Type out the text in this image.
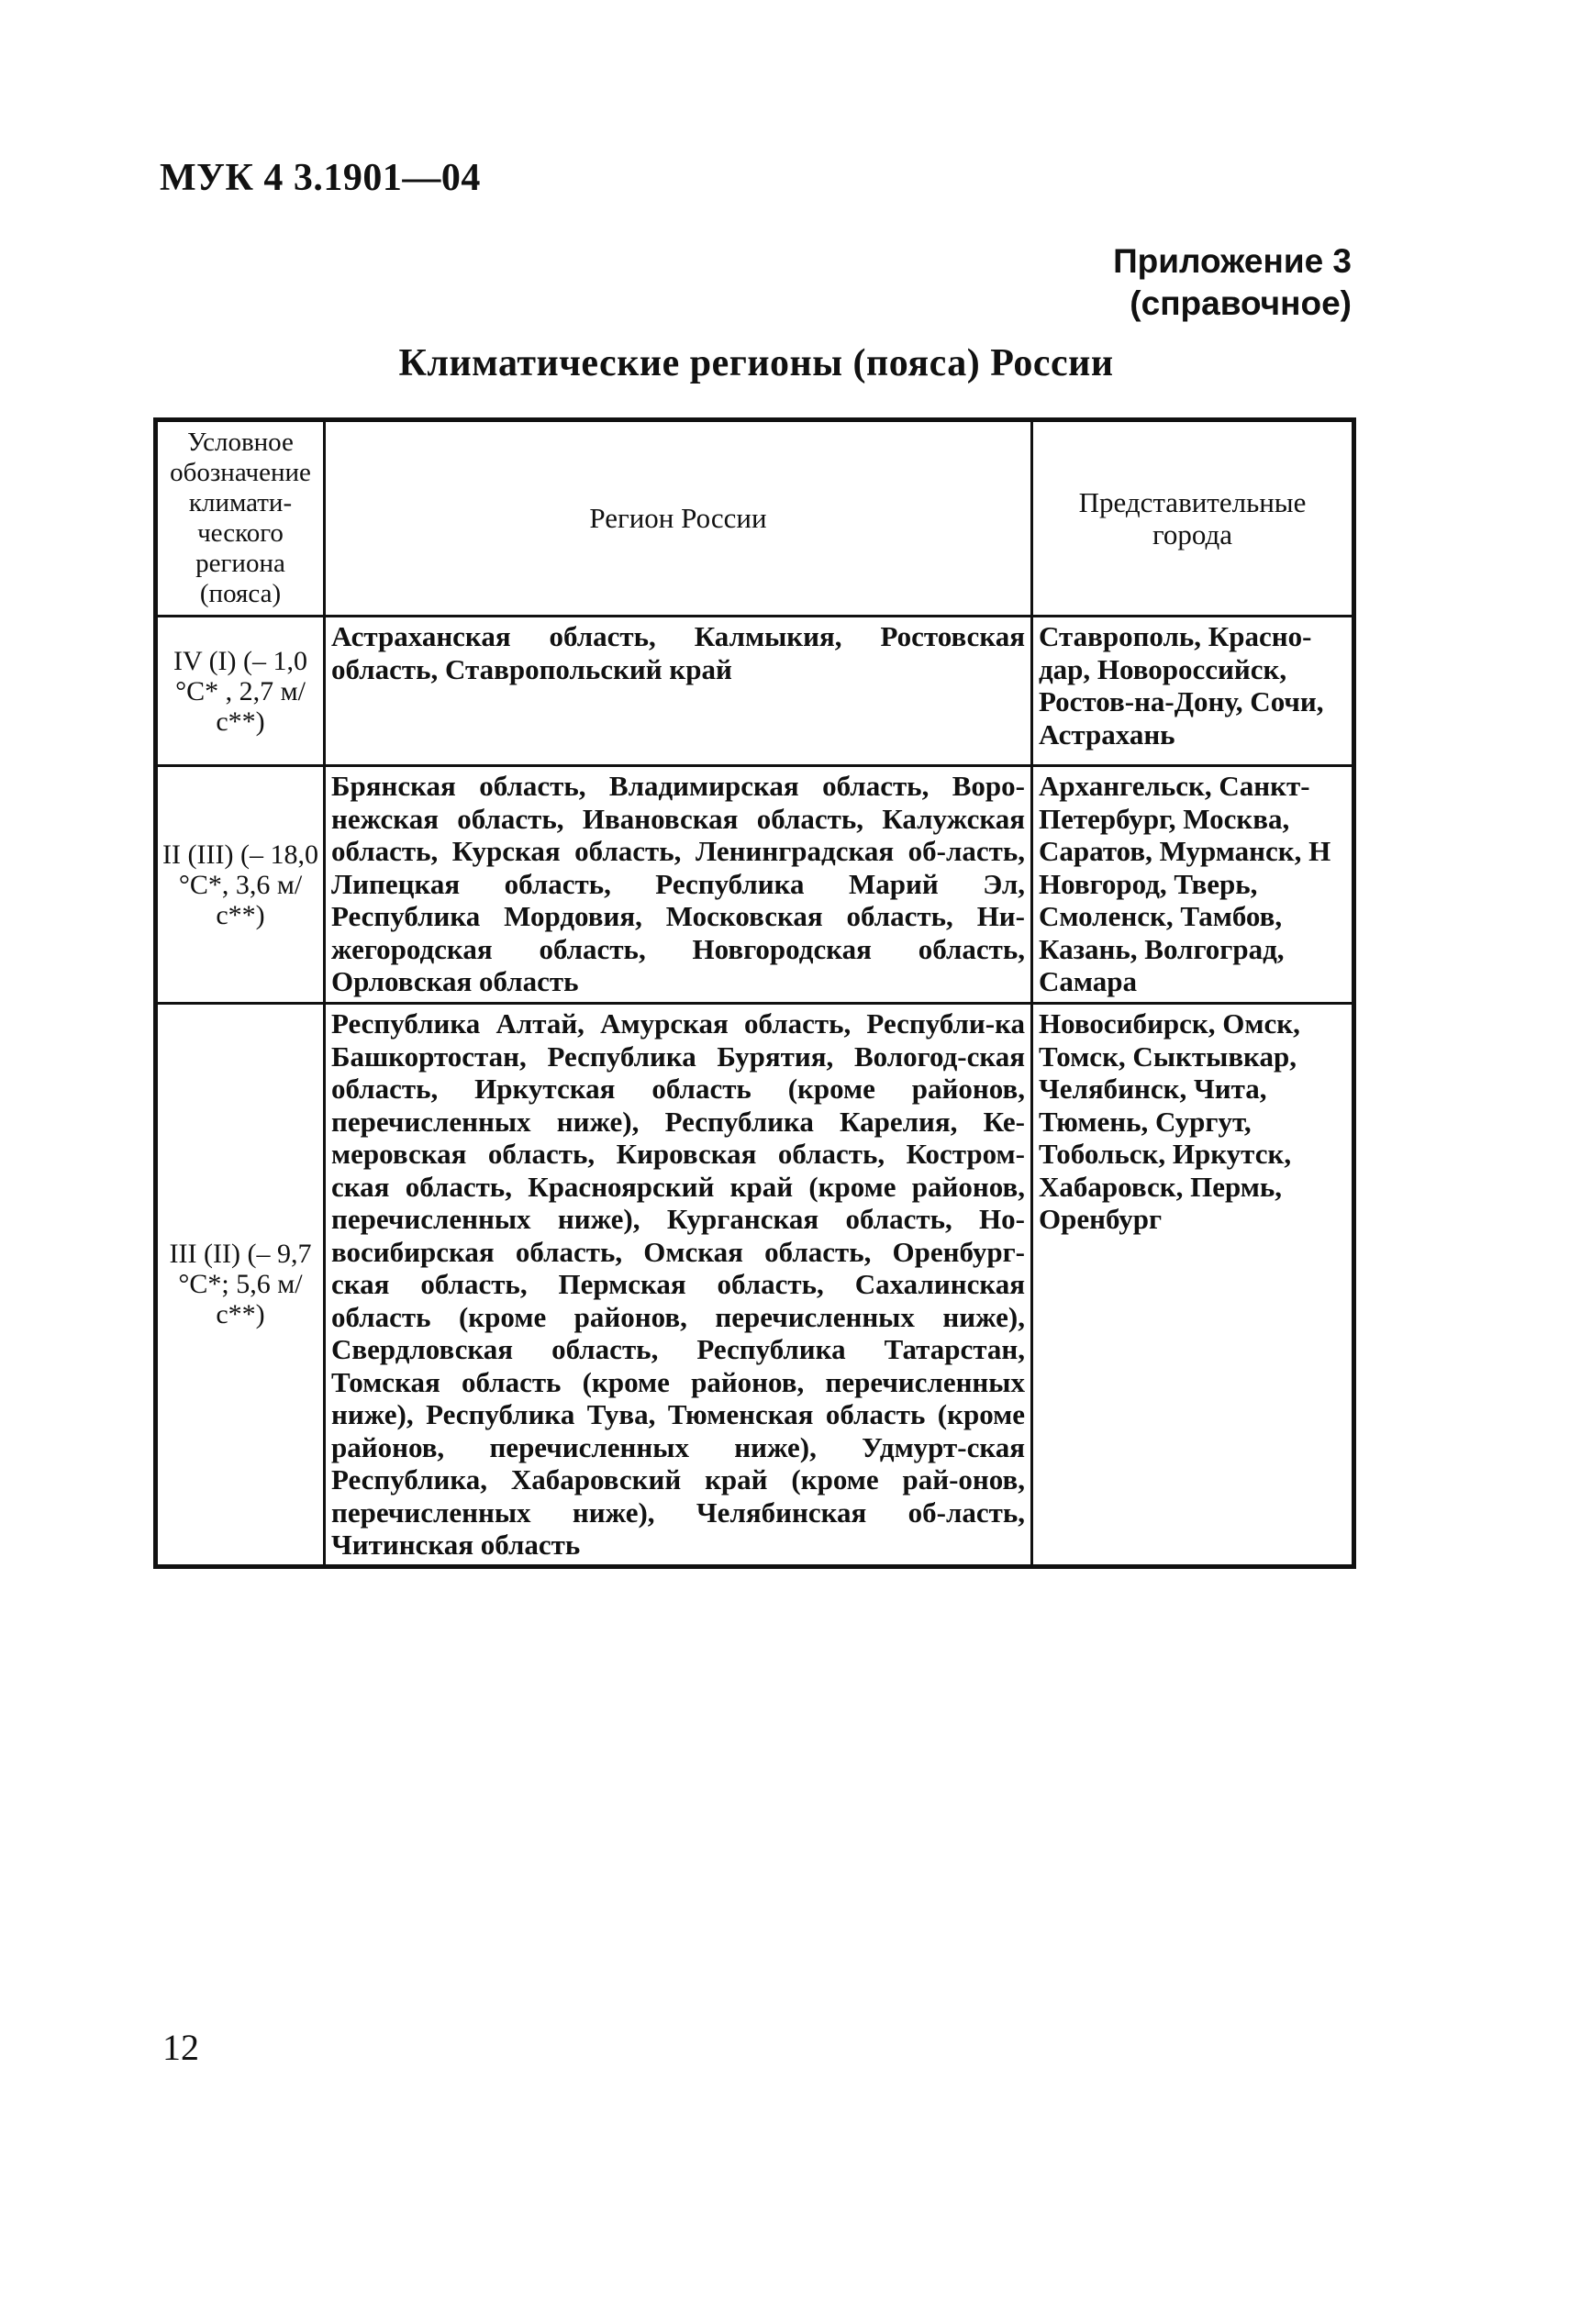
МУК 4 3.1901—04
Приложение 3
(справочное)
Климатические регионы (пояса) России
Условное обозначение климати-ческого региона (пояса)	Регион России	Представительные города
IV (I) (– 1,0 °С* , 2,7 м/с**)	Астраханская область, Калмыкия, Ростовская область, Ставропольский край	Ставрополь, Красно-дар, Новороссийск, Ростов-на-Дону, Сочи, Астрахань
II (III) (– 18,0 °С*, 3,6 м/с**)	Брянская область, Владимирская область, Воро-нежская область, Ивановская область, Калужская область, Курская область, Ленинградская об-ласть, Липецкая область, Республика Марий Эл, Республика Мордовия, Московская область, Ни-жегородская область, Новгородская область, Орловская область	Архангельск, Санкт-Петербург, Москва, Саратов, Мурманск, Н Новгород, Тверь, Смоленск, Тамбов, Казань, Волгоград, Самара
III (II) (– 9,7 °С*; 5,6 м/с**)	Республика Алтай, Амурская область, Республи-ка Башкортостан, Республика Бурятия, Вологод-ская область, Иркутская область (кроме районов, перечисленных ниже), Республика Карелия, Ке-меровская область, Кировская область, Костром-ская область, Красноярский край (кроме районов, перечисленных ниже), Курганская область, Но-восибирская область, Омская область, Оренбург-ская область, Пермская область, Сахалинская область (кроме районов, перечисленных ниже), Свердловская область, Республика Татарстан, Томская область (кроме районов, перечисленных ниже), Республика Тува, Тюменская область (кроме районов, перечисленных ниже), Удмурт-ская Республика, Хабаровский край (кроме рай-онов, перечисленных ниже), Челябинская об-ласть, Читинская область	Новосибирск, Омск, Томск, Сыктывкар, Челябинск, Чита, Тюмень, Сургут, Тобольск, Иркутск, Хабаровск, Пермь, Оренбург
12
